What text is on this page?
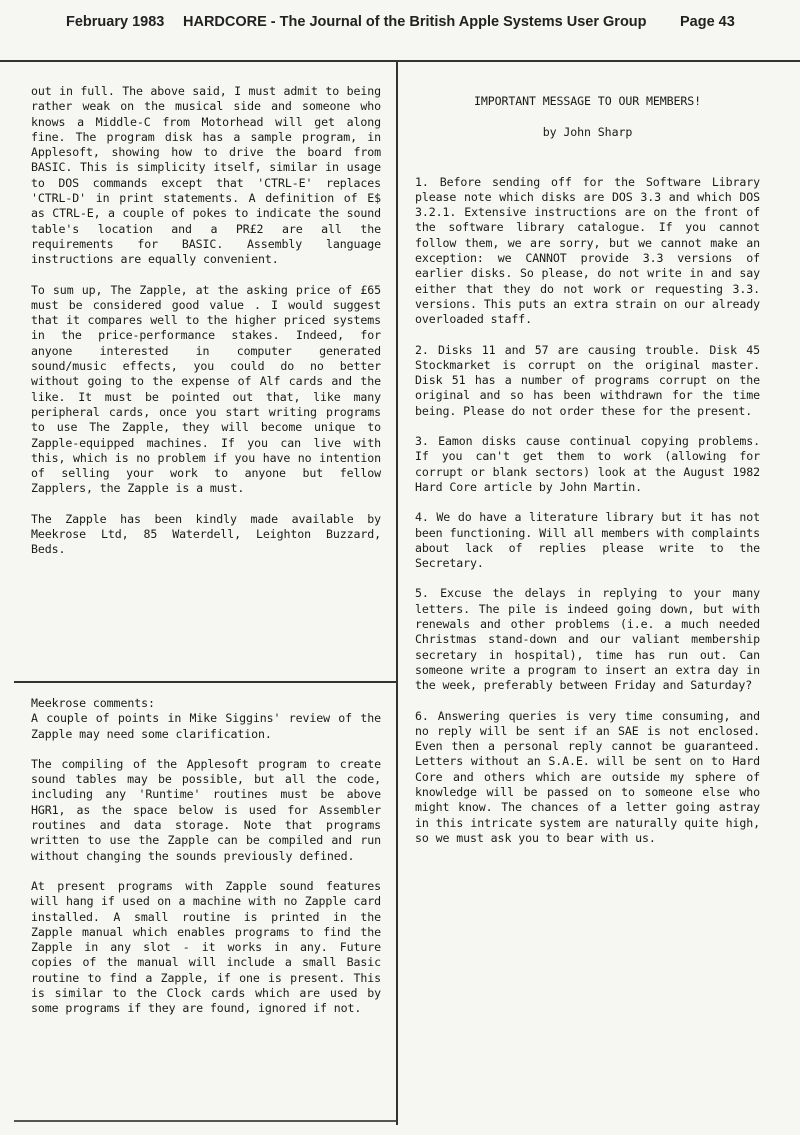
February 1983 HARDCORE - The Journal of the British Apple Systems User Group Page 43

out in full. The above said, I must admit to being rather weak on the musical side and someone who knows a Middle-C from Motorhead will get along fine. The program disk has a sample program, in Applesoft, showing how to drive the board from BASIC. This is simplicity itself, similar in usage to DOS commands except that 'CTRL-E' replaces 'CTRL-D' in print statements. A definition of E$ as CTRL-E, a couple of pokes to indicate the sound table's location and a PR£2 are all the requirements for BASIC. Assembly language instructions are equally convenient.

To sum up, The Zapple, at the asking price of £65 must be considered good value . I would suggest that it compares well to the higher priced systems in the price-performance stakes. Indeed, for anyone interested in computer generated sound/music effects, you could do no better without going to the expense of Alf cards and the like. It must be pointed out that, like many peripheral cards, once you start writing programs to use The Zapple, they will become unique to Zapple-equipped machines. If you can live with this, which is no problem if you have no intention of selling your work to anyone but fellow Zapplers, the Zapple is a must.

The Zapple has been kindly made available by Meekrose Ltd, 85 Waterdell, Leighton Buzzard, Beds.

Meekrose comments:

A couple of points in Mike Siggins' review of the Zapple may need some clarification.

The compiling of the Applesoft program to create sound tables may be possible, but all the code, including any 'Runtime' routines must be above HGR1, as the space below is used for Assembler routines and data storage. Note that programs written to use the Zapple can be compiled and run without changing the sounds previously defined.

At present programs with Zapple sound features will hang if used on a machine with no Zapple card installed. A small routine is printed in the Zapple manual which enables programs to find the Zapple in any slot - it works in any. Future copies of the manual will include a small Basic routine to find a Zapple, if one is present. This is similar to the Clock cards which are used by some programs if they are found, ignored if not.

IMPORTANT MESSAGE TO OUR MEMBERS!

by John Sharp

1. Before sending off for the Software Library please note which disks are DOS 3.3 and which DOS 3.2.1. Extensive instructions are on the front of the software library catalogue. If you cannot follow them, we are sorry, but we cannot make an exception: we CANNOT provide 3.3 versions of earlier disks. So please, do not write in and say either that they do not work or requesting 3.3. versions. This puts an extra strain on our already overloaded staff.

2. Disks 11 and 57 are causing trouble. Disk 45 Stockmarket is corrupt on the original master. Disk 51 has a number of programs corrupt on the original and so has been withdrawn for the time being. Please do not order these for the present.

3. Eamon disks cause continual copying problems. If you can't get them to work (allowing for corrupt or blank sectors) look at the August 1982 Hard Core article by John Martin.

4. We do have a literature library but it has not been functioning. Will all members with complaints about lack of replies please write to the Secretary.

5. Excuse the delays in replying to your many letters. The pile is indeed going down, but with renewals and other problems (i.e. a much needed Christmas stand-down and our valiant membership secretary in hospital), time has run out. Can someone write a program to insert an extra day in the week, preferably between Friday and Saturday?

6. Answering queries is very time consuming, and no reply will be sent if an SAE is not enclosed. Even then a personal reply cannot be guaranteed. Letters without an S.A.E. will be sent on to Hard Core and others which are outside my sphere of knowledge will be passed on to someone else who might know. The chances of a letter going astray in this intricate system are naturally quite high, so we must ask you to bear with us.
